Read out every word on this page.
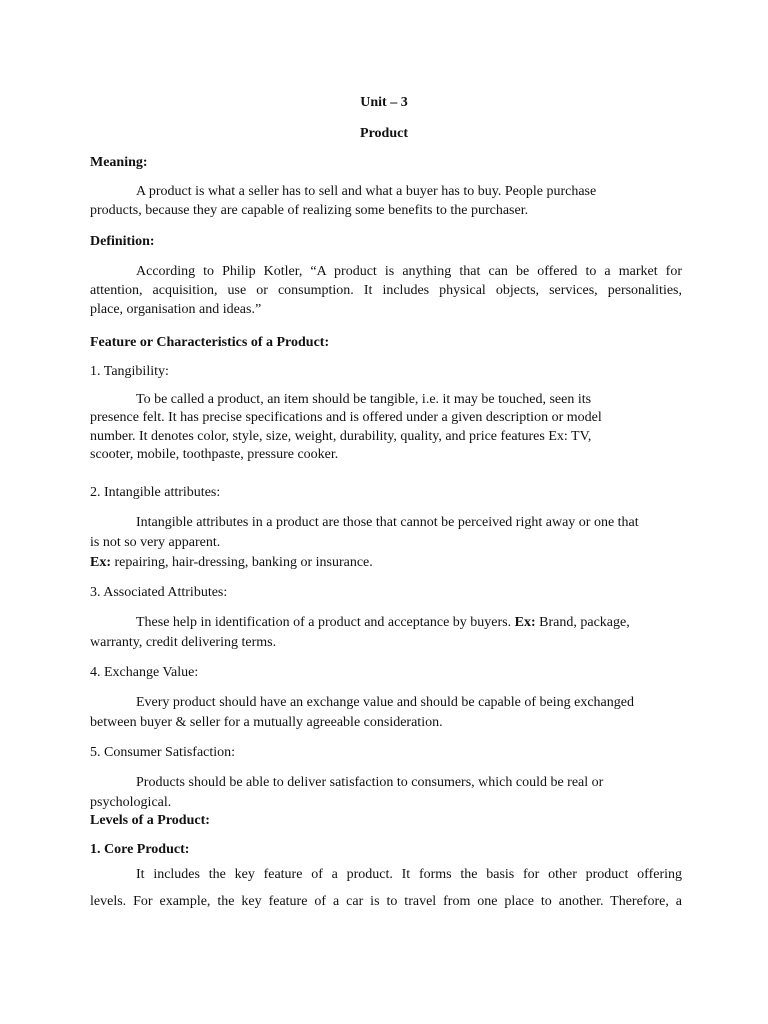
Unit – 3
Product
Meaning:
A product is what a seller has to sell and what a buyer has to buy. People purchase
products, because they are capable of realizing some benefits to the purchaser.
Definition:
According to Philip Kotler, “A product is anything that can be offered to a market for
attention, acquisition, use or consumption. It includes physical objects, services, personalities,
place, organisation and ideas.”
Feature or Characteristics of a Product:
1. Tangibility:
To be called a product, an item should be tangible, i.e. it may be touched, seen its
presence felt. It has precise specifications and is offered under a given description or model
number. It denotes color, style, size, weight, durability, quality, and price features Ex: TV,
scooter, mobile, toothpaste, pressure cooker.
2. Intangible attributes:
Intangible attributes in a product are those that cannot be perceived right away or one that
is not so very apparent.
Ex: repairing, hair-dressing, banking or insurance.
3. Associated Attributes:
These help in identification of a product and acceptance by buyers. Ex: Brand, package,
warranty, credit delivering terms.
4. Exchange Value:
Every product should have an exchange value and should be capable of being exchanged
between buyer & seller for a mutually agreeable consideration.
5. Consumer Satisfaction:
Products should be able to deliver satisfaction to consumers, which could be real or
psychological.
Levels of a Product:
1. Core Product:
It includes the key feature of a product. It forms the basis for other product offering
levels. For example, the key feature of a car is to travel from one place to another. Therefore, a
